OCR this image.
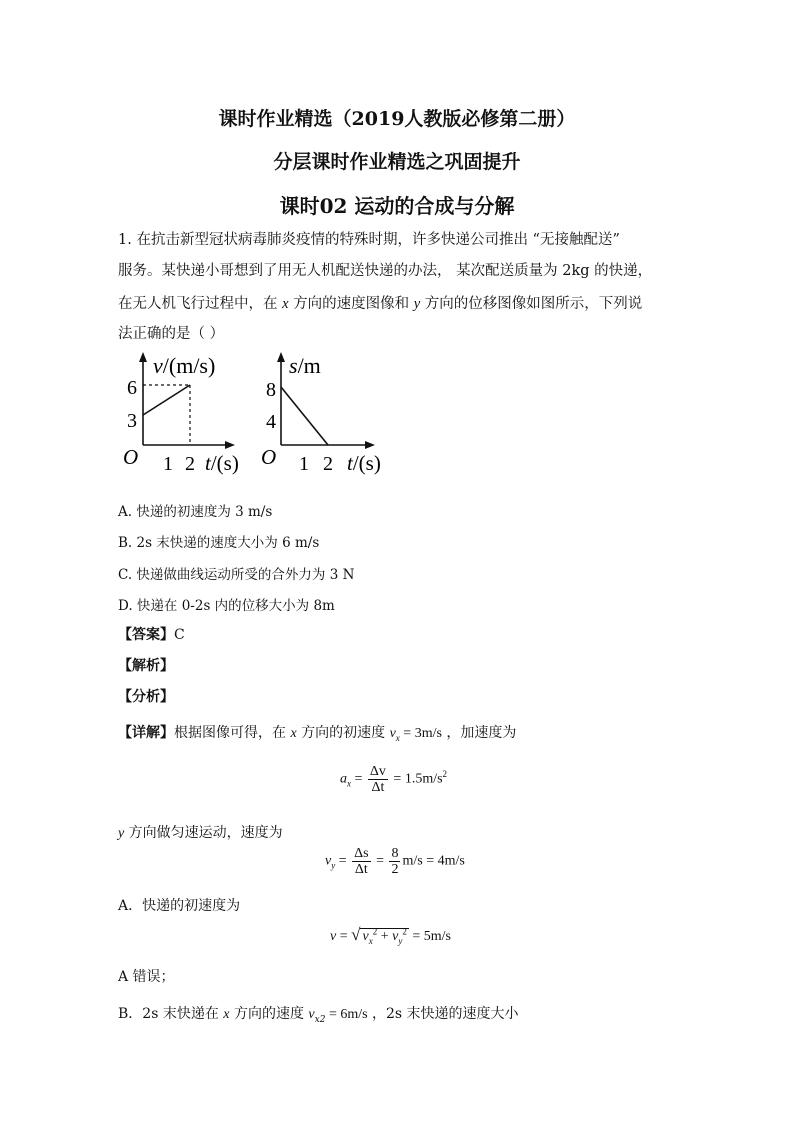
课时作业精选（2019人教版必修第二册）
分层课时作业精选之巩固提升
课时02 运动的合成与分解
1. 在抗击新型冠状病毒肺炎疫情的特殊时期，许多快递公司推出 “无接触配送”
服务。某快递小哥想到了用无人机配送快递的办法， 某次配送质量为 2kg 的快递，
在无人机飞行过程中，在 x 方向的速度图像和 y 方向的位移图像如图所示，下列说
法正确的是（ ）
v/(m/s)
6
3
O 1 2 t/(s)
s/m
8
4
O 1 2 t/(s)
A. 快递的初速度为 3 m/s
B. 2s 末快递的速度大小为 6 m/s
C. 快递做曲线运动所受的合外力为 3 N
D. 快递在 0-2s 内的位移大小为 8m
【答案】C
【解析】
【分析】
【详解】根据图像可得，在 x 方向的初速度 $v_x = 3m/s$ ，加速度为
$a_x = \frac{\Delta v}{\Delta t} = 1.5m/s^2$
y 方向做匀速运动，速度为
$v_y = \frac{\Delta s}{\Delta t} = \frac{8}{2} m/s = 4m/s$
A．快递的初速度为
v = √ $v_x^2 + v_y^2 = 5m/s$
A 错误；
B．2s 末快递在 x 方向的速度 $v_{x2} = 6m/s$ ，2s 末快递的速度大小
